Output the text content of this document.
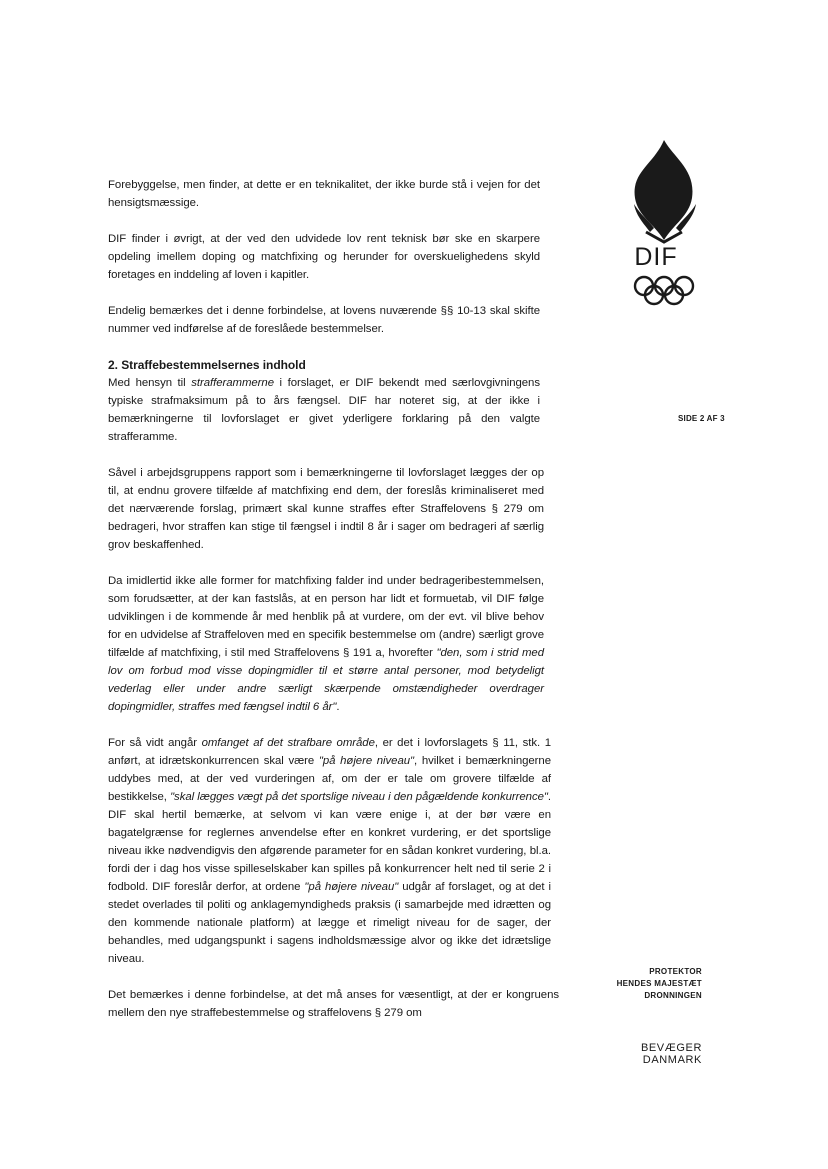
DIF

Forebyggelse, men finder, at dette er en teknikalitet, der ikke burde stå i vejen for det hensigtsmæssige.

DIF finder i øvrigt, at der ved den udvidede lov rent teknisk bør ske en skarpere opdeling imellem doping og matchfixing og herunder for overskuelighedens skyld foretages en inddeling af loven i kapitler.

Endelig bemærkes det i denne forbindelse, at lovens nuværende §§ 10-13 skal skifte nummer ved indførelse af de foreslåede bestemmelser.

2. Straffebestemmelsernes indhold

Med hensyn til strafferammerne i forslaget, er DIF bekendt med særlovgivningens typiske strafmaksimum på to års fængsel. DIF har noteret sig, at der ikke i bemærkningerne til lovforslaget er givet yderligere forklaring på den valgte strafferamme.

Såvel i arbejdsgruppens rapport som i bemærkningerne til lovforslaget lægges der op til, at endnu grovere tilfælde af matchfixing end dem, der foreslås kriminaliseret med det nærværende forslag, primært skal kunne straffes efter Straffelovens § 279 om bedrageri, hvor straffen kan stige til fængsel i indtil 8 år i sager om bedrageri af særlig grov beskaffenhed.

Da imidlertid ikke alle former for matchfixing falder ind under bedrageribestemmelsen, som forudsætter, at der kan fastslås, at en person har lidt et formuetab, vil DIF følge udviklingen i de kommende år med henblik på at vurdere, om der evt. vil blive behov for en udvidelse af Straffeloven med en specifik bestemmelse om (andre) særligt grove tilfælde af matchfixing, i stil med Straffelovens § 191 a, hvorefter "den, som i strid med lov om forbud mod visse dopingmidler til et større antal personer, mod betydeligt vederlag eller under andre særligt skærpende omstændigheder overdrager dopingmidler, straffes med fængsel indtil 6 år".

For så vidt angår omfanget af det strafbare område, er det i lovforslagets § 11, stk. 1 anført, at idrætskonkurrencen skal være "på højere niveau", hvilket i bemærkningerne uddybes med, at der ved vurderingen af, om der er tale om grovere tilfælde af bestikkelse, "skal lægges vægt på det sportslige niveau i den pågældende konkurrence". DIF skal hertil bemærke, at selvom vi kan være enige i, at der bør være en bagatelgrænse for reglernes anvendelse efter en konkret vurdering, er det sportslige niveau ikke nødvendigvis den afgørende parameter for en sådan konkret vurdering, bl.a. fordi der i dag hos visse spilleselskaber kan spilles på konkurrencer helt ned til serie 2 i fodbold. DIF foreslår derfor, at ordene "på højere niveau" udgår af forslaget, og at det i stedet overlades til politi og anklagemyndigheds praksis (i samarbejde med idrætten og den kommende nationale platform) at lægge et rimeligt niveau for de sager, der behandles, med udgangspunkt i sagens indholdsmæssige alvor og ikke det idrætslige niveau.

Det bemærkes i denne forbindelse, at det må anses for væsentligt, at der er kongruens mellem den nye straffebestemmelse og straffelovens § 279 om

SIDE 2 AF 3
PROTEKTOR
HENDES MAJESTÆT DRONNINGEN
BEVÆGER DANMARK
